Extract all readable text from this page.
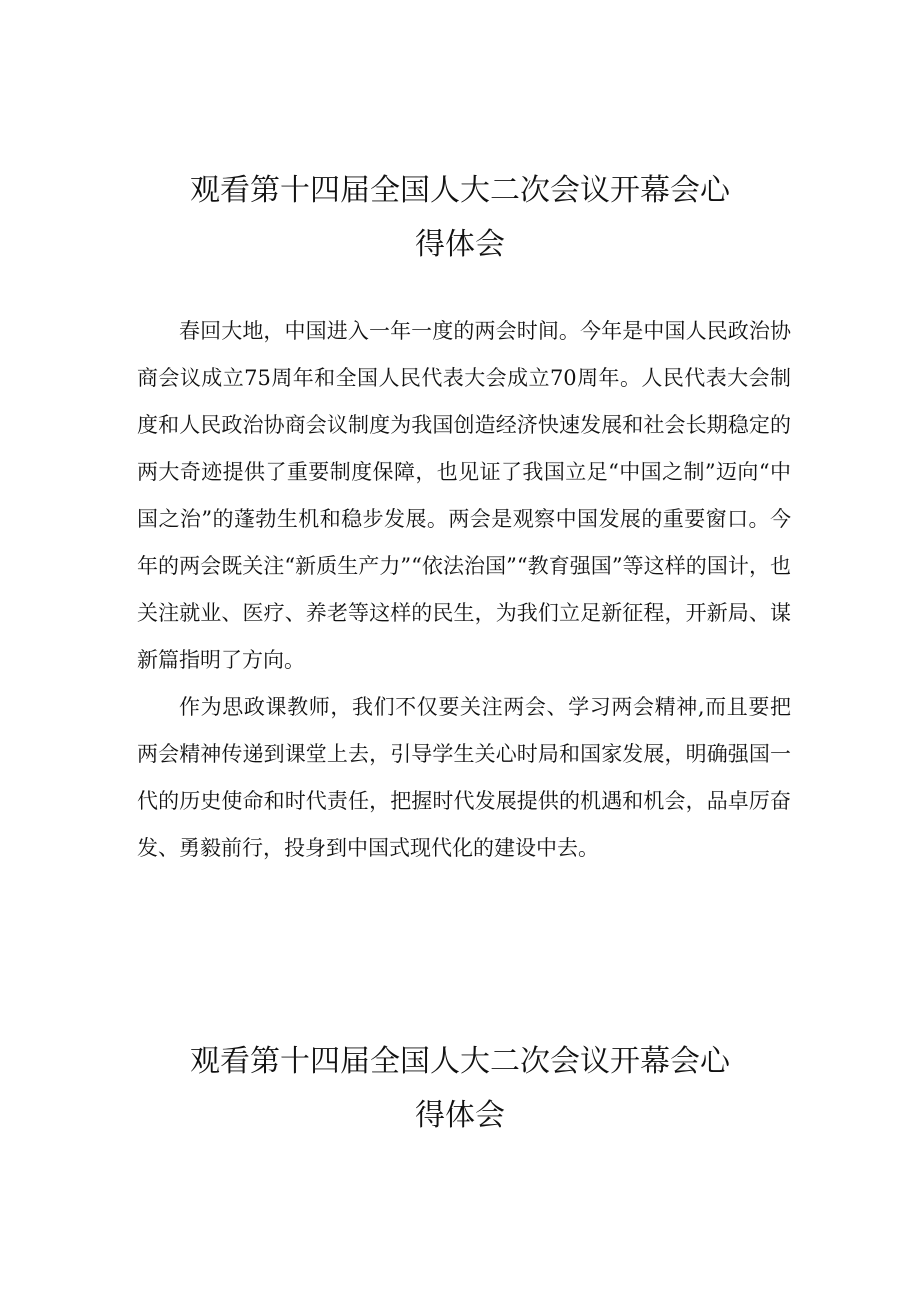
观看第十四届全国人大二次会议开幕会心
得体会

春回大地，中国进入一年一度的两会时间。今年是中国人民政治协商会议成立75周年和全国人民代表大会成立70周年。人民代表大会制度和人民政治协商会议制度为我国创造经济快速发展和社会长期稳定的两大奇迹提供了重要制度保障，也见证了我国立足“中国之制”迈向“中国之治”的蓬勃生机和稳步发展。两会是观察中国发展的重要窗口。今年的两会既关注“新质生产力”“依法治国”“教育强国”等这样的国计，也关注就业、医疗、养老等这样的民生，为我们立足新征程，开新局、谋新篇指明了方向。

作为思政课教师，我们不仅要关注两会、学习两会精神,而且要把两会精神传递到课堂上去，引导学生关心时局和国家发展，明确强国一代的历史使命和时代责任，把握时代发展提供的机遇和机会，品卓厉奋发、勇毅前行，投身到中国式现代化的建设中去。

观看第十四届全国人大二次会议开幕会心
得体会
